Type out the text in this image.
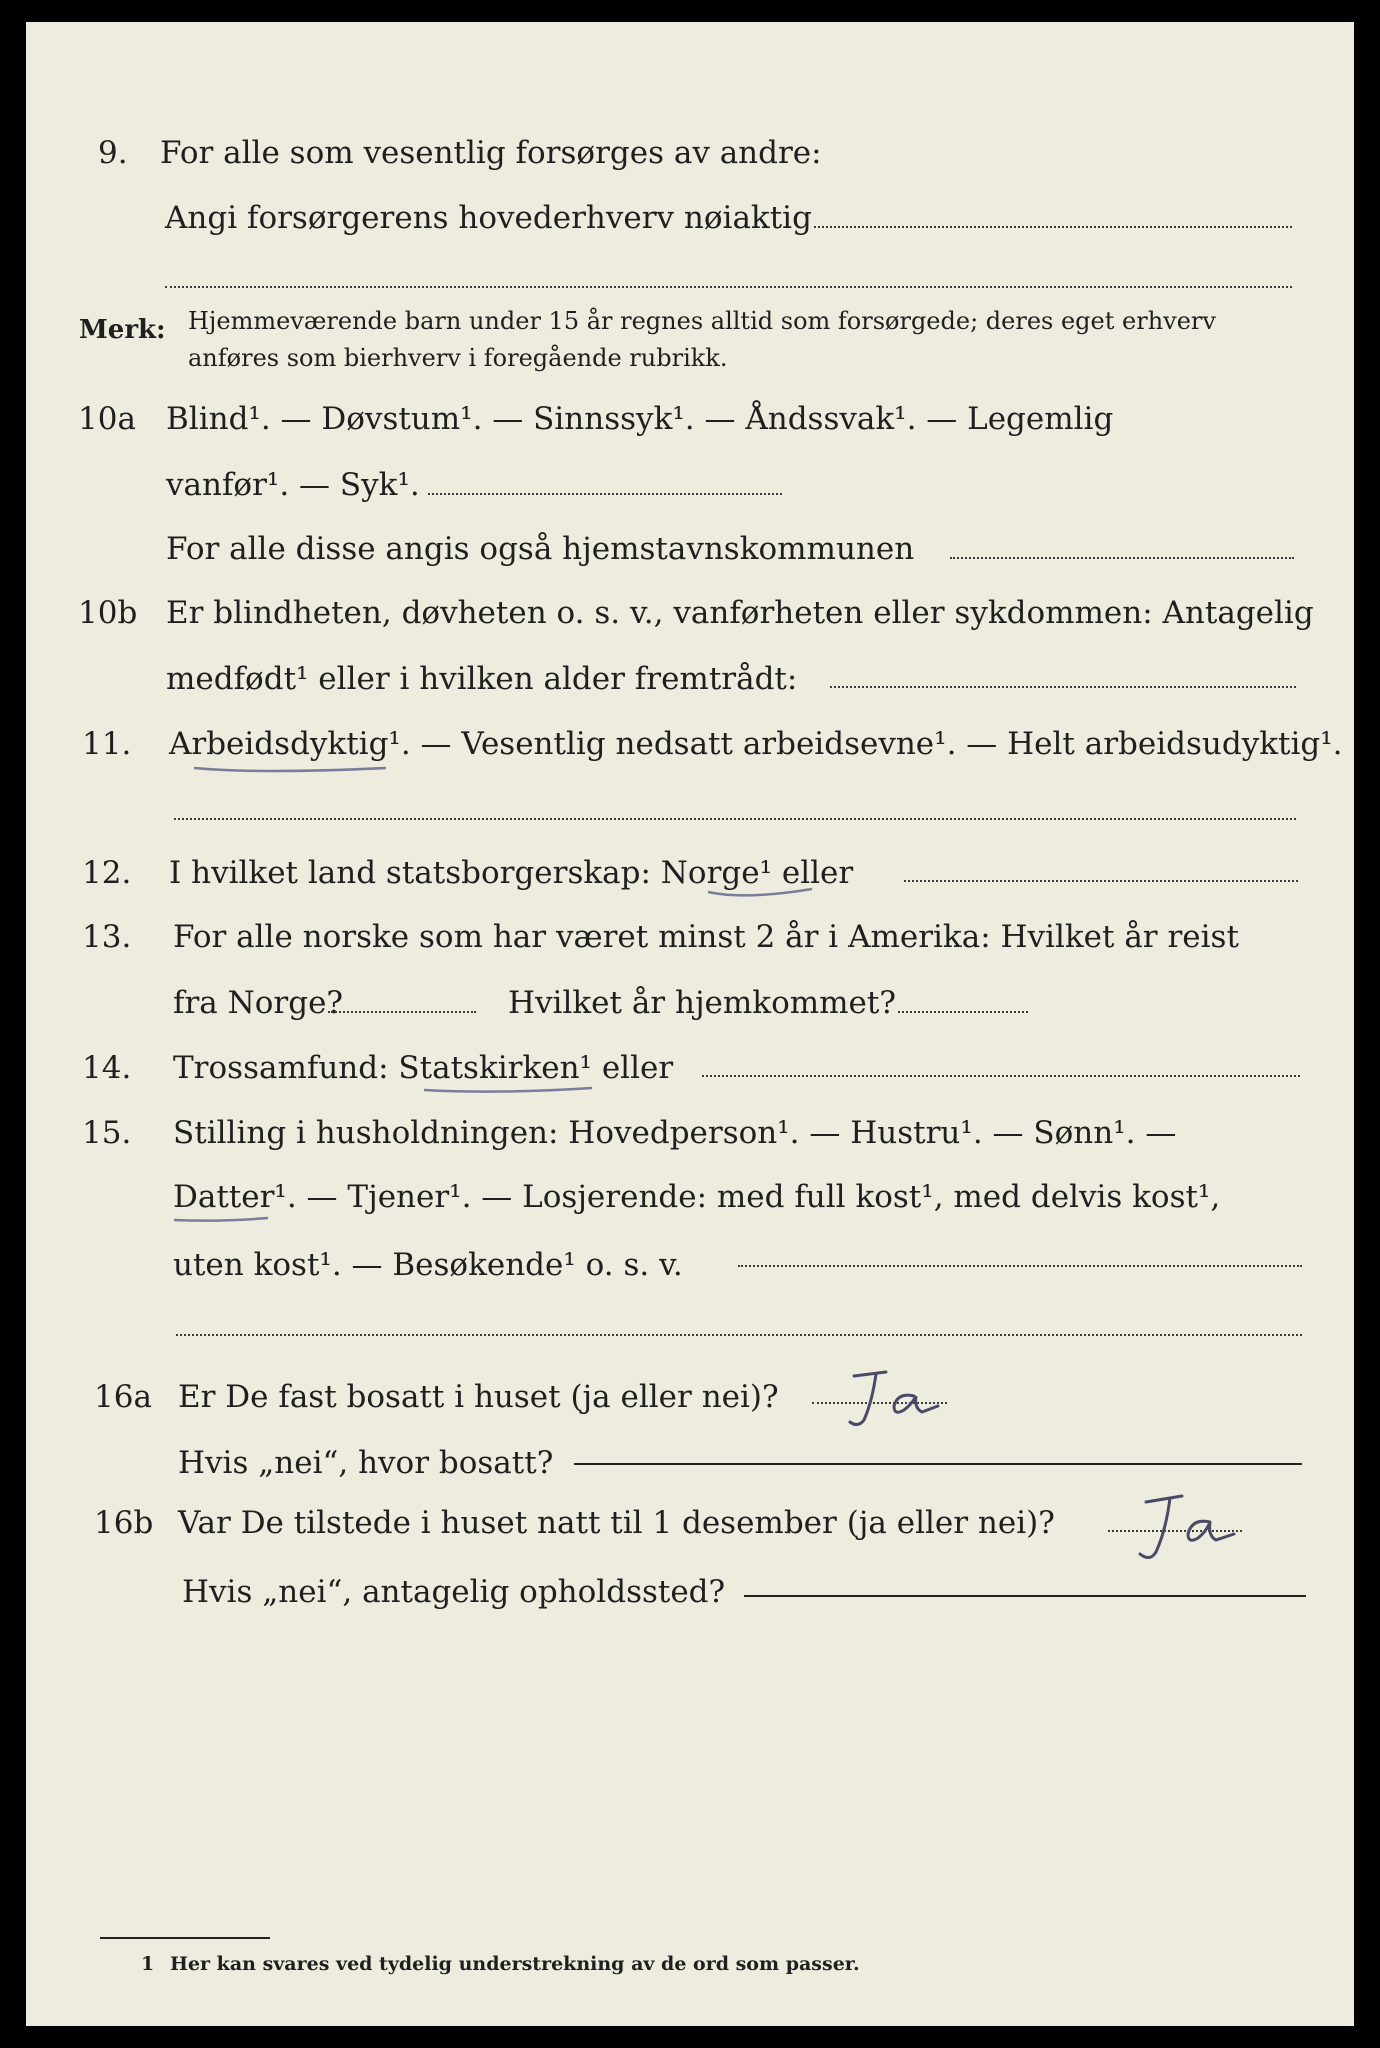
9. For alle som vesentlig forsørges av andre:
Angi forsørgerens hovederhverv nøiaktig
Merk: Hjemmeværende barn under 15 år regnes alltid som forsørgede; deres eget erhverv
anføres som bierhverv i foregående rubrikk.
10a Blind¹. — Døvstum¹. — Sinnssyk¹. — Åndssvak¹. — Legemlig
vanfør¹. — Syk¹.
For alle disse angis også hjemstavnskommunen
10b Er blindheten, døvheten o. s. v., vanførheten eller sykdommen: Antagelig
medfødt¹ eller i hvilken alder fremtrådt:
11. Arbeidsdyktig¹. — Vesentlig nedsatt arbeidsevne¹. — Helt arbeidsudyktig¹.
12. I hvilket land statsborgerskap: Norge¹ eller
13. For alle norske som har været minst 2 år i Amerika: Hvilket år reist
fra Norge?	Hvilket år hjemkommet?
14. Trossamfund: Statskirken¹ eller
15. Stilling i husholdningen: Hovedperson¹. — Hustru¹. — Sønn¹. —
Datter¹. — Tjener¹. — Losjerende: med full kost¹, med delvis kost¹,
uten kost¹. — Besøkende¹ o. s. v.
16a Er De fast bosatt i huset (ja eller nei)?
Hvis „nei“, hvor bosatt?
16b Var De tilstede i huset natt til 1 desember (ja eller nei)?
Hvis „nei“, antagelig opholdssted?
1 Her kan svares ved tydelig understrekning av de ord som passer.
